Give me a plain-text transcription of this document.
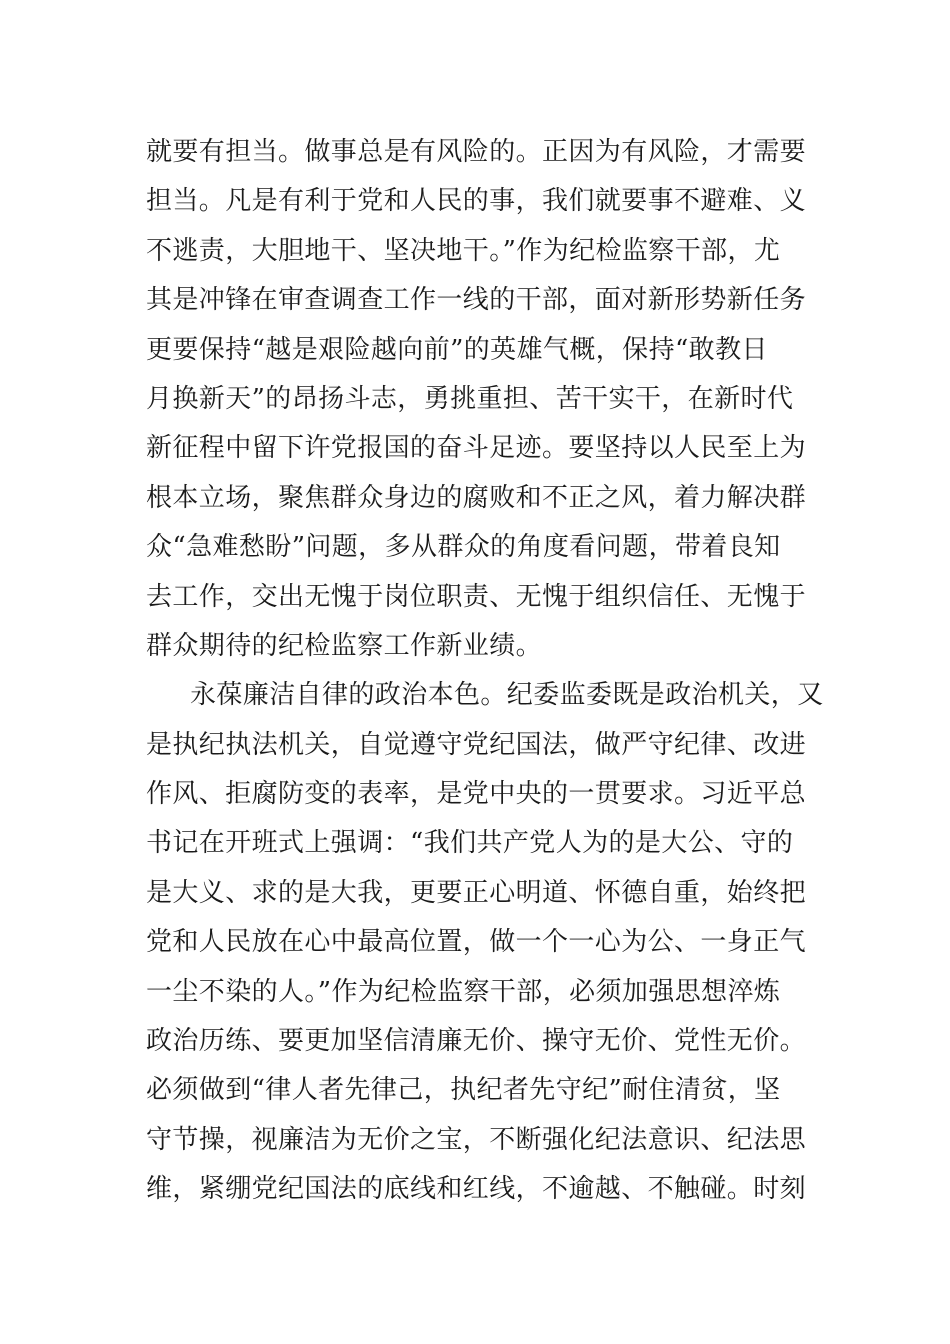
就要有担当。做事总是有风险的。正因为有风险，才需要
担当。凡是有利于党和人民的事，我们就要事不避难、义
不逃责，大胆地干、坚决地干。”作为纪检监察干部，尤
其是冲锋在审查调查工作一线的干部，面对新形势新任务
更要保持“越是艰险越向前”的英雄气概，保持“敢教日
月换新天”的昂扬斗志，勇挑重担、苦干实干，在新时代
新征程中留下许党报国的奋斗足迹。要坚持以人民至上为
根本立场，聚焦群众身边的腐败和不正之风，着力解决群
众“急难愁盼”问题，多从群众的角度看问题，带着良知
去工作，交出无愧于岗位职责、无愧于组织信任、无愧于
群众期待的纪检监察工作新业绩。
永葆廉洁自律的政治本色。纪委监委既是政治机关，又
是执纪执法机关，自觉遵守党纪国法，做严守纪律、改进
作风、拒腐防变的表率，是党中央的一贯要求。习近平总
书记在开班式上强调：“我们共产党人为的是大公、守的
是大义、求的是大我，更要正心明道、怀德自重，始终把
党和人民放在心中最高位置，做一个一心为公、一身正气
一尘不染的人。”作为纪检监察干部，必须加强思想淬炼
政治历练、要更加坚信清廉无价、操守无价、党性无价。
必须做到“律人者先律己，执纪者先守纪”耐住清贫，坚
守节操，视廉洁为无价之宝，不断强化纪法意识、纪法思
维，紧绷党纪国法的底线和红线，不逾越、不触碰。时刻
